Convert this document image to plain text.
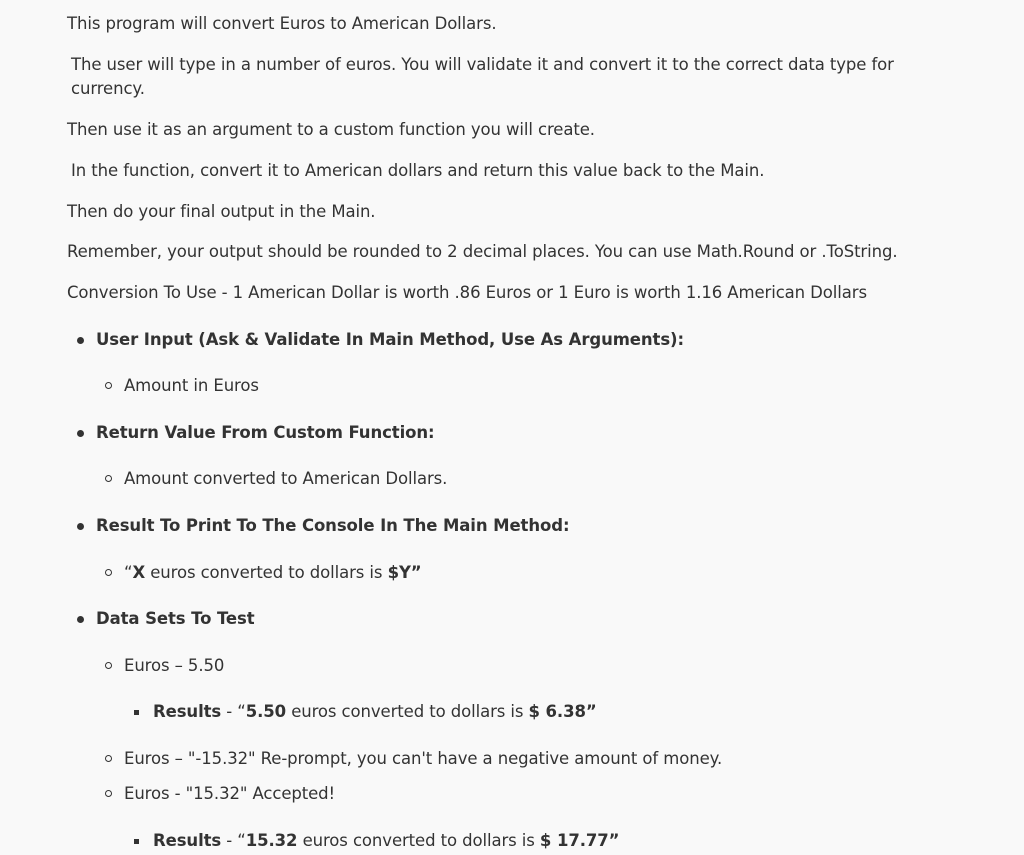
This program will convert Euros to American Dollars.

The user will type in a number of euros. You will validate it and convert it to the correct data type for currency.

Then use it as an argument to a custom function you will create.

In the function, convert it to American dollars and return this value back to the Main.

Then do your final output in the Main.

Remember, your output should be rounded to 2 decimal places. You can use Math.Round or .ToString.

Conversion To Use - 1 American Dollar is worth .86 Euros or 1 Euro is worth 1.16 American Dollars

User Input (Ask & Validate In Main Method, Use As Arguments):
Amount in Euros
Return Value From Custom Function:
Amount converted to American Dollars.
Result To Print To The Console In The Main Method:
“X euros converted to dollars is $Y”
Data Sets To Test
Euros – 5.50
Results - “5.50 euros converted to dollars is $ 6.38”
Euros – "-15.32" Re-prompt, you can't have a negative amount of money.
Euros - "15.32" Accepted!
Results - “15.32 euros converted to dollars is $ 17.77”
